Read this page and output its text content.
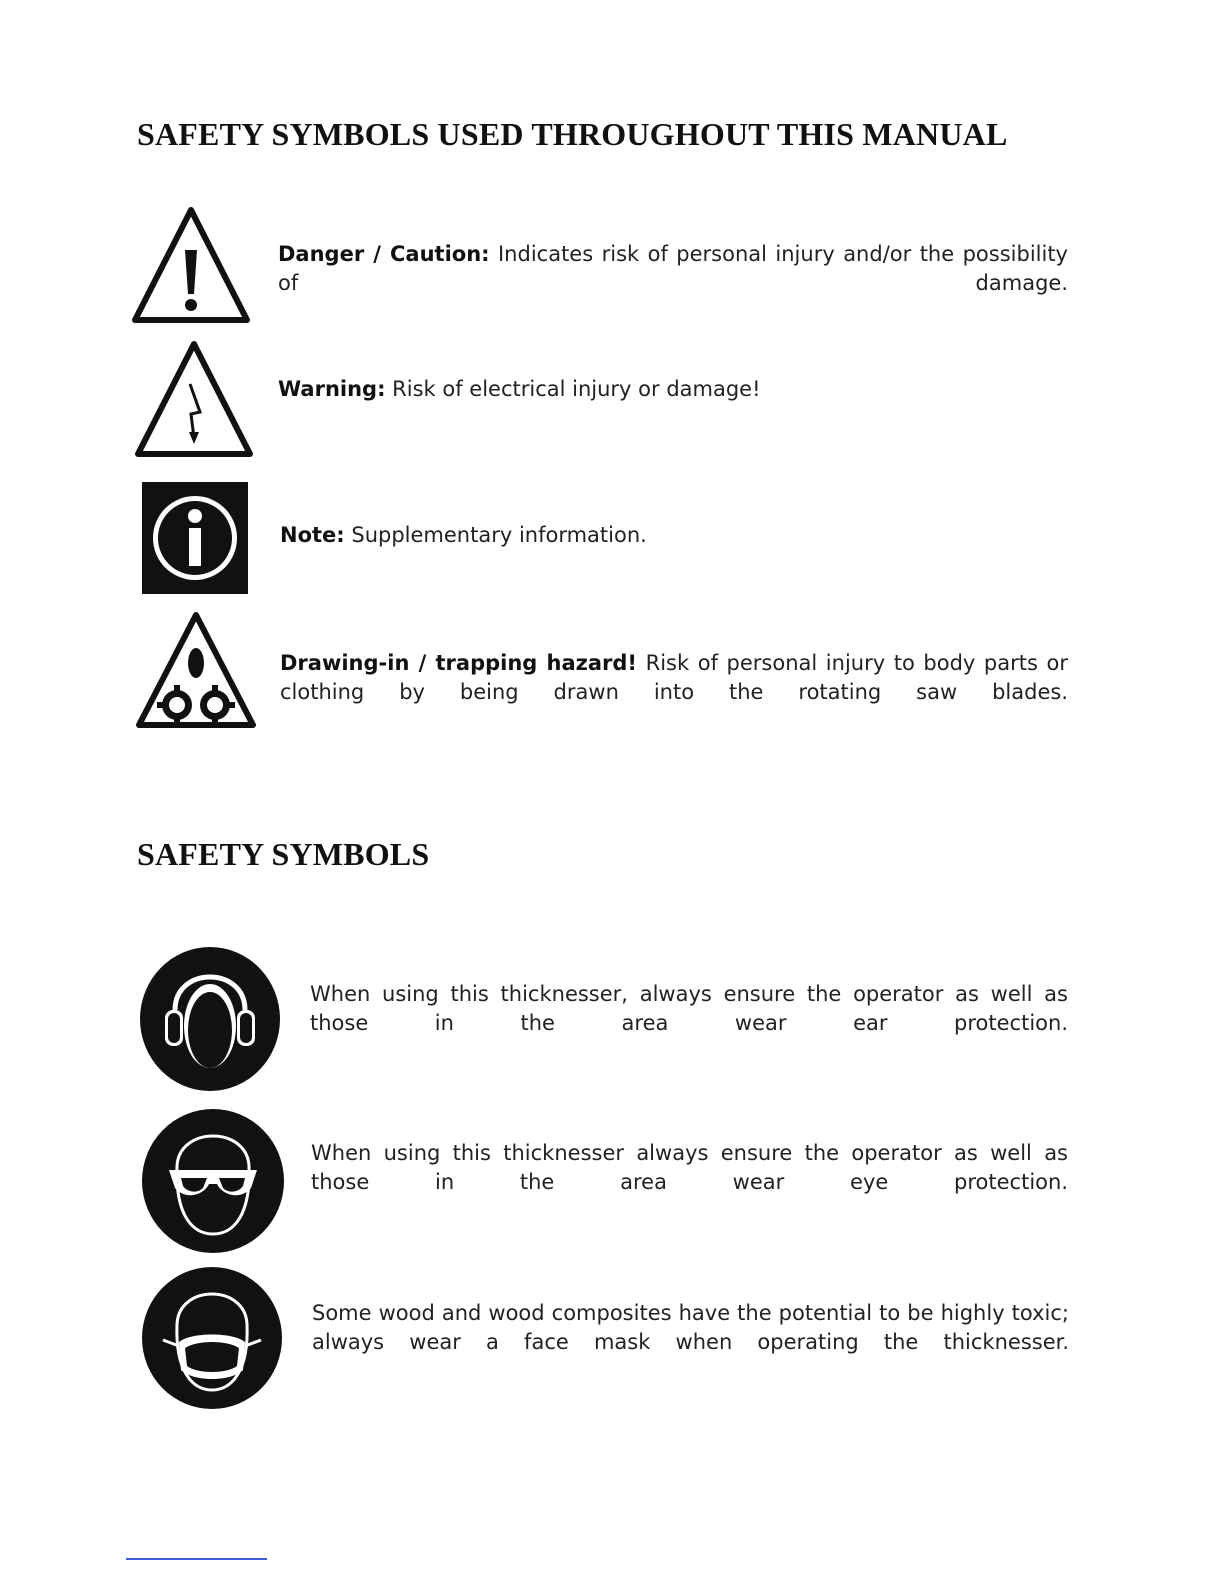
SAFETY SYMBOLS USED THROUGHOUT THIS MANUAL

Danger / Caution: Indicates risk of personal injury and/or the possibility of damage.

Warning: Risk of electrical injury or damage!

Note: Supplementary information.

Drawing-in / trapping hazard! Risk of personal injury to body parts or clothing by being drawn into the rotating saw blades.

SAFETY SYMBOLS

When using this thicknesser, always ensure the operator as well as those in the area wear ear protection.

When using this thicknesser always ensure the operator as well as those in the area wear eye protection.

Some wood and wood composites have the potential to be highly toxic; always wear a face mask when operating the thicknesser.
